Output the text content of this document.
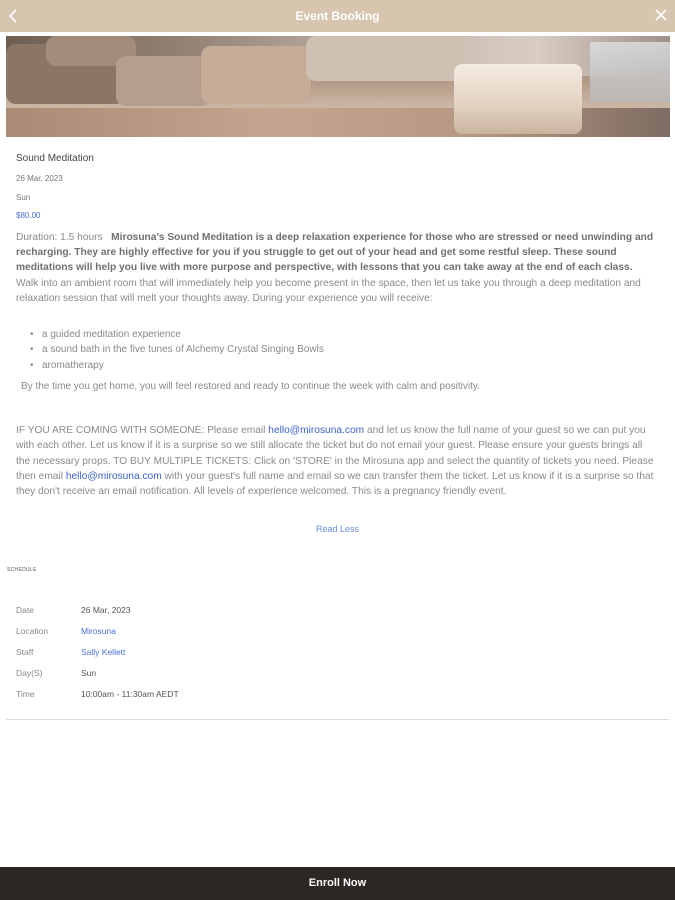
Event Booking
Sound Meditation
26 Mar, 2023
Sun
$80.00
Duration: 1.5 hours Mirosuna's Sound Meditation is a deep relaxation experience for those who are stressed or need unwinding and recharging. They are highly effective for you if you struggle to get out of your head and get some restful sleep. These sound meditations will help you live with more purpose and perspective, with lessons that you can take away at the end of each class.   Walk into an ambient room that will immediately help you become present in the space, then let us take you through a deep meditation and relaxation session that will melt your thoughts away. During your experience you will receive:
• a guided meditation experience
• a sound bath in the five tunes of Alchemy Crystal Singing Bowls
• aromatherapy
By the time you get home, you will feel restored and ready to continue the week with calm and positivity.
IF YOU ARE COMING WITH SOMEONE: Please email hello@mirosuna.com and let us know the full name of your guest so we can put you with each other. Let us know if it is a surprise so we still allocate the ticket but do not email your guest. Please ensure your guests brings all the necessary props. TO BUY MULTIPLE TICKETS: Click on 'STORE' in the Mirosuna app and select the quantity of tickets you need. Please then email hello@mirosuna.com with your guest's full name and email so we can transfer them the ticket. Let us know if it is a surprise so that they don't receive an email notification. All levels of experience welcomed. This is a pregnancy friendly event.
Read Less
SCHEDULE
Date	26 Mar, 2023
Location	Mirosuna
Staff	Sally Kellett
Day(S)	Sun
Time	10:00am - 11:30am AEDT
Enroll Now
